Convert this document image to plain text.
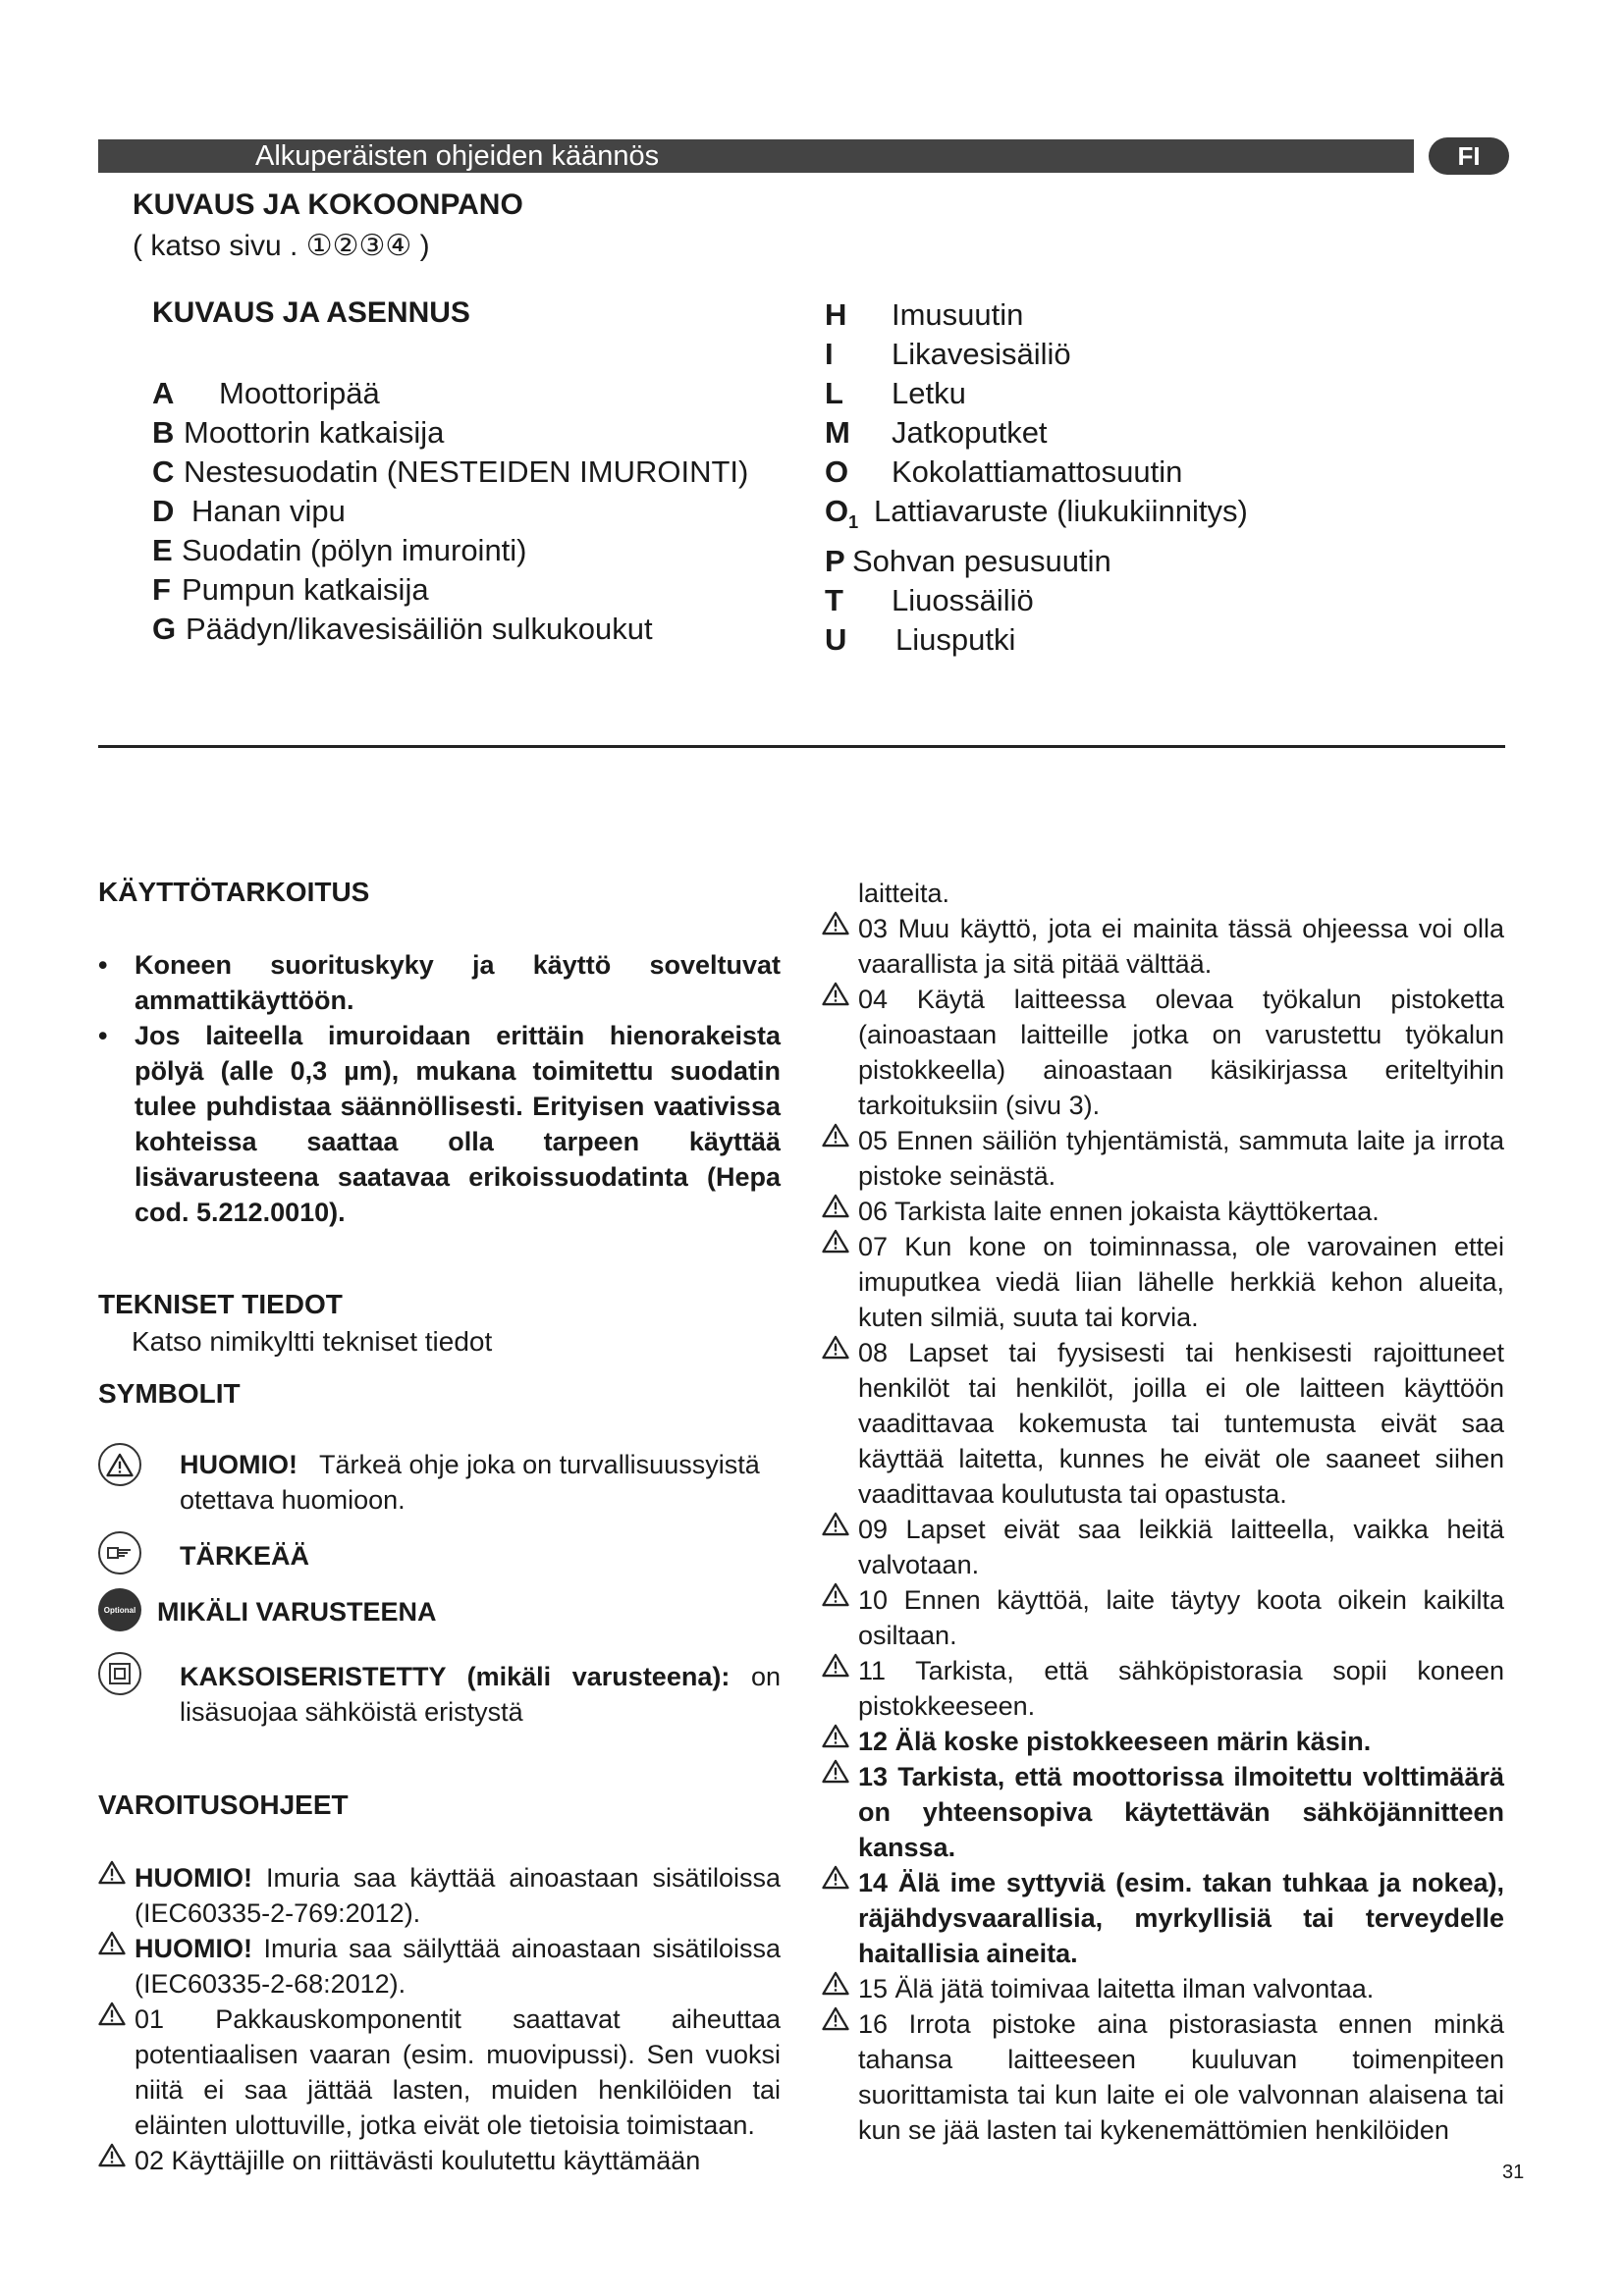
Alkuperäisten ohjeiden käännös	FI
KUVAUS JA KOKOONPANO
( katso sivu . ①②③④ )
KUVAUS JA ASENNUS
A Moottoripää
B Moottorin katkaisija
C Nestesuodatin (NESTEIDEN IMUROINTI)
D Hanan vipu
E Suodatin (pölyn imurointi)
F Pumpun katkaisija
G Päädyn/likavesisäiliön sulkukoukut
H Imusuutin
I Likavesisäiliö
L Letku
M Jatkoputket
O Kokolattiamattosuutin
$O_1$ Lattiavaruste (liukukiinnitys)
P Sohvan pesusuutin
T Liuossäiliö
U Liusputki
KÄYTTÖTARKOITUS
• Koneen suorituskyky ja käyttö soveltuvat ammattikäyttöön.
• Jos laiteella imuroidaan erittäin hienorakeista pölyä (alle 0,3 µm), mukana toimitettu suodatin tulee puhdistaa säännöllisesti. Erityisen vaativissa kohteissa saattaa olla tarpeen käyttää lisävarusteena saatavaa erikoissuodatinta (Hepa cod. 5.212.0010).
TEKNISET TIEDOT
Katso nimikyltti tekniset tiedot
SYMBOLIT
HUOMIO! Tärkeä ohje joka on turvallisuussyistä otettava huomioon.
TÄRKEÄÄ
Optional MIKÄLI VARUSTEENA
KAKSOISERISTETTY (mikäli varusteena): on lisäsuojaa sähköistä eristystä
VAROITUSOHJEET
HUOMIO! Imuria saa käyttää ainoastaan sisätiloissa (IEC60335-2-769:2012).
HUOMIO! Imuria saa säilyttää ainoastaan sisätiloissa (IEC60335-2-68:2012).
01 Pakkauskomponentit saattavat aiheuttaa potentiaalisen vaaran (esim. muovipussi). Sen vuoksi niitä ei saa jättää lasten, muiden henkilöiden tai eläinten ulottuville, jotka eivät ole tietoisia toimistaan.
02 Käyttäjille on riittävästi koulutettu käyttämään
laitteita.
03 Muu käyttö, jota ei mainita tässä ohjeessa voi olla vaarallista ja sitä pitää välttää.
04 Käytä laitteessa olevaa työkalun pistoketta (ainoastaan laitteille jotka on varustettu työkalun pistokkeella) ainoastaan käsikirjassa eriteltyihin tarkoituksiin (sivu 3).
05 Ennen säiliön tyhjentämistä, sammuta laite ja irrota pistoke seinästä.
06 Tarkista laite ennen jokaista käyttökertaa.
07 Kun kone on toiminnassa, ole varovainen ettei imuputkea viedä liian lähelle herkkiä kehon alueita, kuten silmiä, suuta tai korvia.
08 Lapset tai fyysisesti tai henkisesti rajoittuneet henkilöt tai henkilöt, joilla ei ole laitteen käyttöön vaadittavaa kokemusta tai tuntemusta eivät saa käyttää laitetta, kunnes he eivät ole saaneet siihen vaadittavaa koulutusta tai opastusta.
09 Lapset eivät saa leikkiä laitteella, vaikka heitä valvotaan.
10 Ennen käyttöä, laite täytyy koota oikein kaikilta osiltaan.
11 Tarkista, että sähköpistorasia sopii koneen pistokkeeseen.
12 Älä koske pistokkeeseen märin käsin.
13 Tarkista, että moottorissa ilmoitettu volttimäärä on yhteensopiva käytettävän sähköjännitteen kanssa.
14 Älä ime syttyviä (esim. takan tuhkaa ja nokea), räjähdysvaarallisia, myrkyllisiä tai terveydelle haitallisia aineita.
15 Älä jätä toimivaa laitetta ilman valvontaa.
16 Irrota pistoke aina pistorasiasta ennen minkä tahansa laitteeseen kuuluvan toimenpiteen suorittamista tai kun laite ei ole valvonnan alaisena tai kun se jää lasten tai kykenemättömien henkilöiden
31
